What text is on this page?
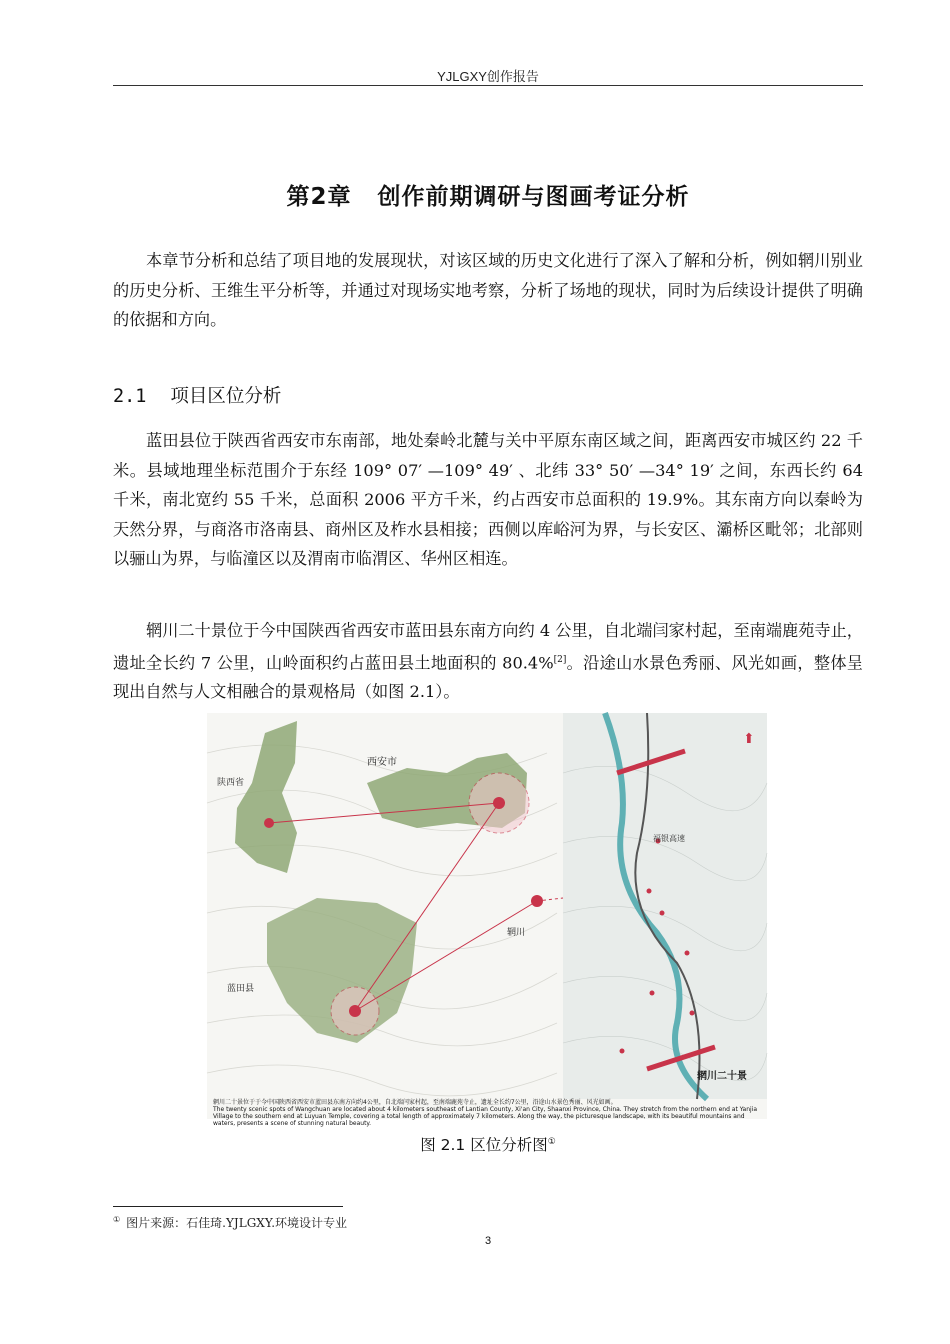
YJLGXY创作报告
第2章 创作前期调研与图画考证分析
本章节分析和总结了项目地的发展现状，对该区域的历史文化进行了深入了解和分析，例如辋川别业的历史分析、王维生平分析等，并通过对现场实地考察，分析了场地的现状，同时为后续设计提供了明确的依据和方向。
2.1 项目区位分析
蓝田县位于陕西省西安市东南部，地处秦岭北麓与关中平原东南区域之间，距离西安市城区约 22 千米。县域地理坐标范围介于东经 109° 07′ —109° 49′ 、北纬 33° 50′ —34° 19′ 之间，东西长约 64 千米，南北宽约 55 千米，总面积 2006 平方千米，约占西安市总面积的 19.9%。其东南方向以秦岭为天然分界，与商洛市洛南县、商州区及柞水县相接；西侧以库峪河为界，与长安区、灞桥区毗邻；北部则以骊山为界，与临潼区以及渭南市临渭区、华州区相连。
辋川二十景位于今中国陕西省西安市蓝田县东南方向约 4 公里，自北端闫家村起，至南端鹿苑寺止，遗址全长约 7 公里，山岭面积约占蓝田县土地面积的 80.4%[2]。沿途山水景色秀丽、风光如画，整体呈现出自然与人文相融合的景观格局（如图 2.1）。
⬆
福银高速
辋川二十景
陕西省
西安市
蓝田县
辋川
辋川二十景位于于今中国陕西省西安市蓝田县东南方向约4公里，自北端闫家村起，至南端鹿苑寺止，遗址全长约7公里，沿途山水景色秀丽、风光如画。
The twenty scenic spots of Wangchuan are located about 4 kilometers southeast of Lantian County, Xi'an City, Shaanxi Province, China. They stretch from the northern end at Yanjia Village to the southern end at Luyuan Temple, covering a total length of approximately 7 kilometers. Along the way, the picturesque landscape, with its beautiful mountains and waters, presents a scene of stunning natural beauty.
图 2.1 区位分析图①
① 图片来源：石佳琦.YJLGXY.环境设计专业
3
